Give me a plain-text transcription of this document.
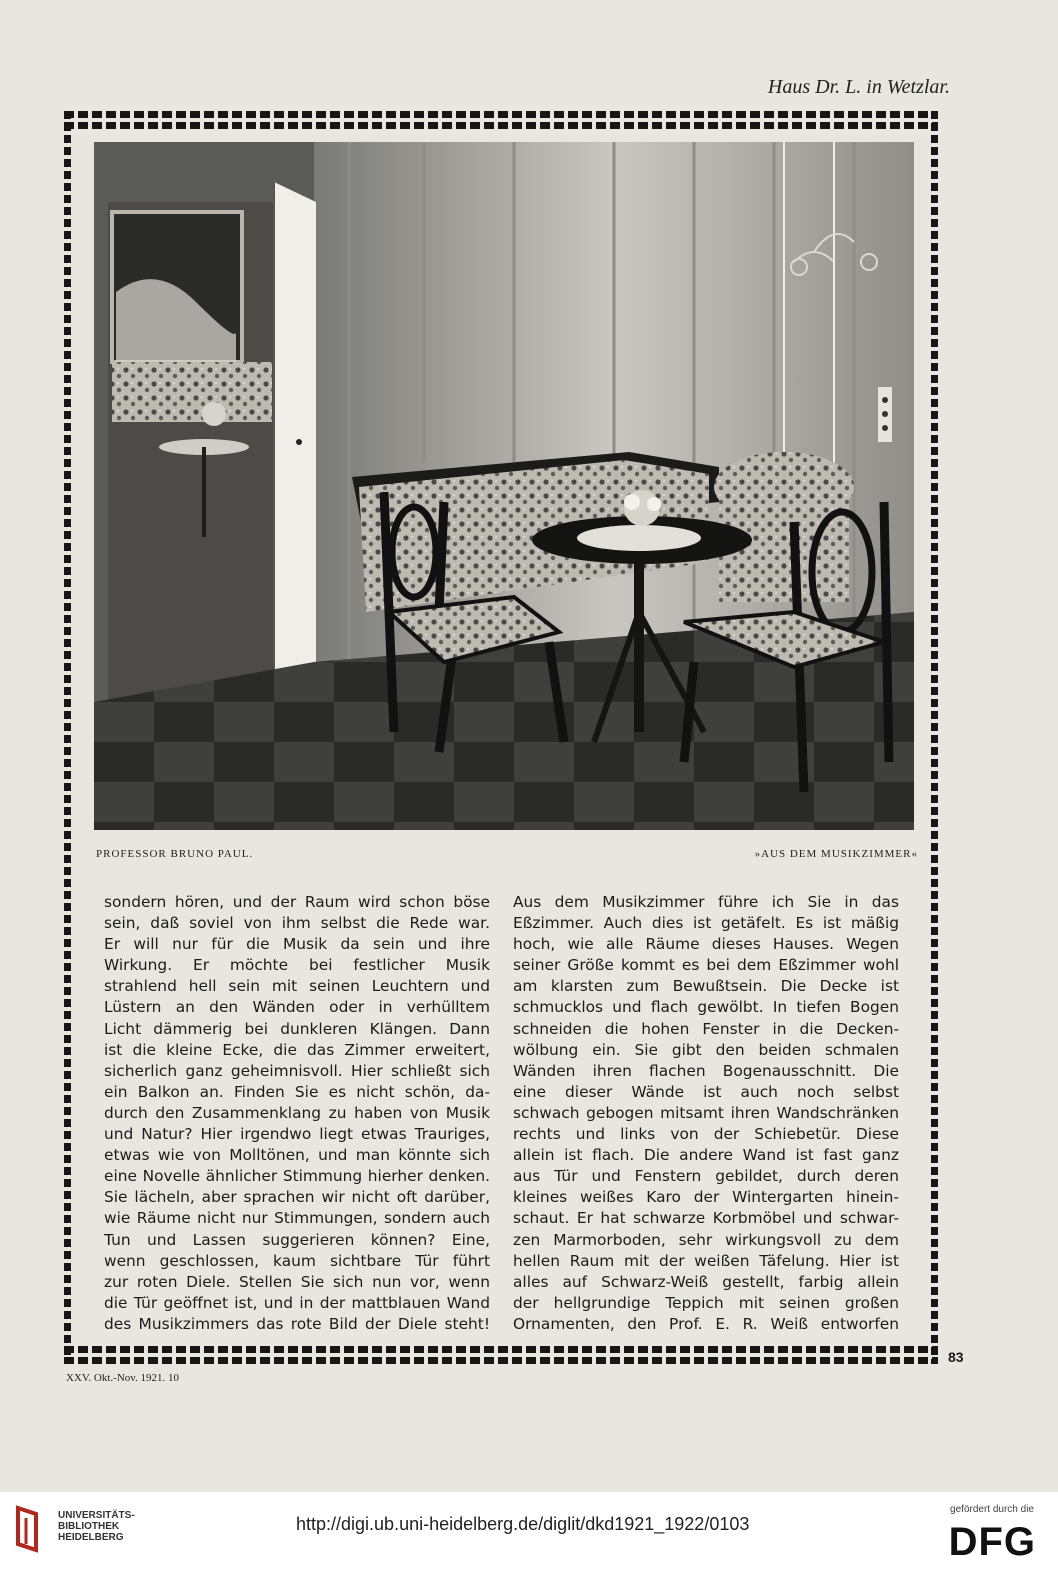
Haus Dr. L. in Wetzlar.
PROFESSOR BRUNO PAUL.	»AUS DEM MUSIKZIMMER«
sondern hören, und der Raum wird schon böse
sein, daß soviel von ihm selbst die Rede war.
Er will nur für die Musik da sein und ihre
Wirkung. Er möchte bei festlicher Musik
strahlend hell sein mit seinen Leuchtern und
Lüstern an den Wänden oder in verhülltem
Licht dämmerig bei dunkleren Klängen. Dann
ist die kleine Ecke, die das Zimmer erweitert,
sicherlich ganz geheimnisvoll. Hier schließt sich
ein Balkon an. Finden Sie es nicht schön, da-
durch den Zusammenklang zu haben von Musik
und Natur? Hier irgendwo liegt etwas Trauriges,
etwas wie von Molltönen, und man könnte sich
eine Novelle ähnlicher Stimmung hierher denken.
Sie lächeln, aber sprachen wir nicht oft darüber,
wie Räume nicht nur Stimmungen, sondern auch
Tun und Lassen suggerieren können? Eine,
wenn geschlossen, kaum sichtbare Tür führt
zur roten Diele. Stellen Sie sich nun vor, wenn
die Tür geöffnet ist, und in der mattblauen Wand
des Musikzimmers das rote Bild der Diele steht!
Aus dem Musikzimmer führe ich Sie in das
Eßzimmer. Auch dies ist getäfelt. Es ist mäßig
hoch, wie alle Räume dieses Hauses. Wegen
seiner Größe kommt es bei dem Eßzimmer wohl
am klarsten zum Bewußtsein. Die Decke ist
schmucklos und flach gewölbt. In tiefen Bogen
schneiden die hohen Fenster in die Decken-
wölbung ein. Sie gibt den beiden schmalen
Wänden ihren flachen Bogenausschnitt. Die
eine dieser Wände ist auch noch selbst
schwach gebogen mitsamt ihren Wandschränken
rechts und links von der Schiebetür. Diese
allein ist flach. Die andere Wand ist fast ganz
aus Tür und Fenstern gebildet, durch deren
kleines weißes Karo der Wintergarten hinein-
schaut. Er hat schwarze Korbmöbel und schwar-
zen Marmorboden, sehr wirkungsvoll zu dem
hellen Raum mit der weißen Täfelung. Hier ist
alles auf Schwarz-Weiß gestellt, farbig allein
der hellgrundige Teppich mit seinen großen
Ornamenten, den Prof. E. R. Weiß entworfen
83
XXV. Okt.-Nov. 1921. 10
UNIVERSITÄTS-
BIBLIOTHEK
HEIDELBERG
http://digi.ub.uni-heidelberg.de/diglit/dkd1921_1922/0103
gefördert durch die
DFG
